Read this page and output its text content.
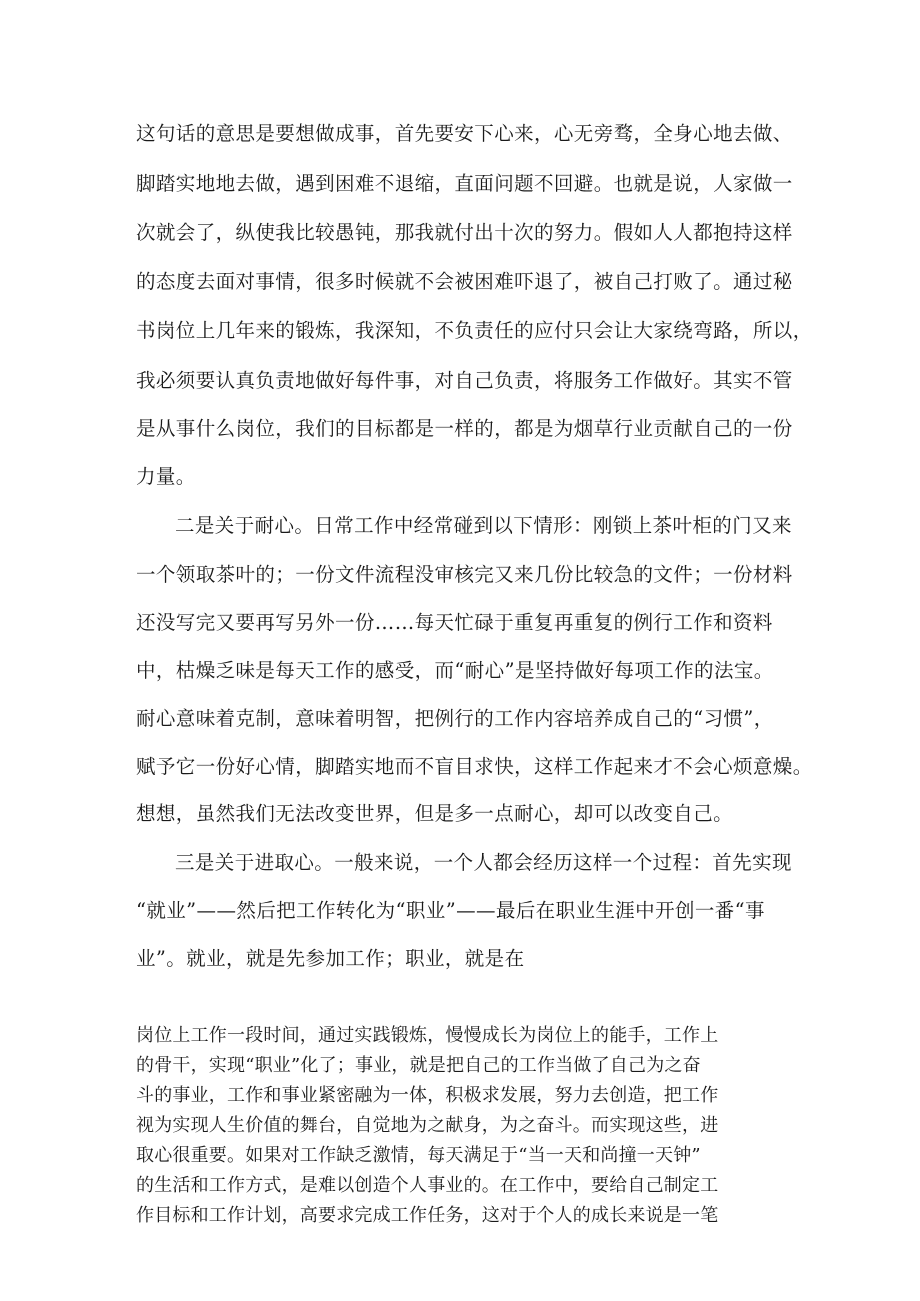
这句话的意思是要想做成事，首先要安下心来，心无旁骛，全身心地去做、

脚踏实地地去做，遇到困难不退缩，直面问题不回避。也就是说，人家做一

次就会了，纵使我比较愚钝，那我就付出十次的努力。假如人人都抱持这样

的态度去面对事情，很多时候就不会被困难吓退了，被自己打败了。通过秘

书岗位上几年来的锻炼，我深知，不负责任的应付只会让大家绕弯路，所以，

我必须要认真负责地做好每件事，对自己负责，将服务工作做好。其实不管

是从事什么岗位，我们的目标都是一样的，都是为烟草行业贡献自己的一份

力量。

二是关于耐心。日常工作中经常碰到以下情形：刚锁上茶叶柜的门又来

一个领取茶叶的；一份文件流程没审核完又来几份比较急的文件；一份材料

还没写完又要再写另外一份……每天忙碌于重复再重复的例行工作和资料

中，枯燥乏味是每天工作的感受，而“耐心”是坚持做好每项工作的法宝。

耐心意味着克制，意味着明智，把例行的工作内容培养成自己的“习惯”，

赋予它一份好心情，脚踏实地而不盲目求快，这样工作起来才不会心烦意燥。

想想，虽然我们无法改变世界，但是多一点耐心，却可以改变自己。

三是关于进取心。一般来说，一个人都会经历这样一个过程：首先实现

“就业”——然后把工作转化为“职业”——最后在职业生涯中开创一番“事

业”。就业，就是先参加工作；职业，就是在

岗位上工作一段时间，通过实践锻炼，慢慢成长为岗位上的能手，工作上

的骨干，实现“职业”化了；事业，就是把自己的工作当做了自己为之奋

斗的事业，工作和事业紧密融为一体，积极求发展，努力去创造，把工作

视为实现人生价值的舞台，自觉地为之献身，为之奋斗。而实现这些，进

取心很重要。如果对工作缺乏激情，每天满足于“当一天和尚撞一天钟”

的生活和工作方式，是难以创造个人事业的。在工作中，要给自己制定工

作目标和工作计划，高要求完成工作任务，这对于个人的成长来说是一笔
